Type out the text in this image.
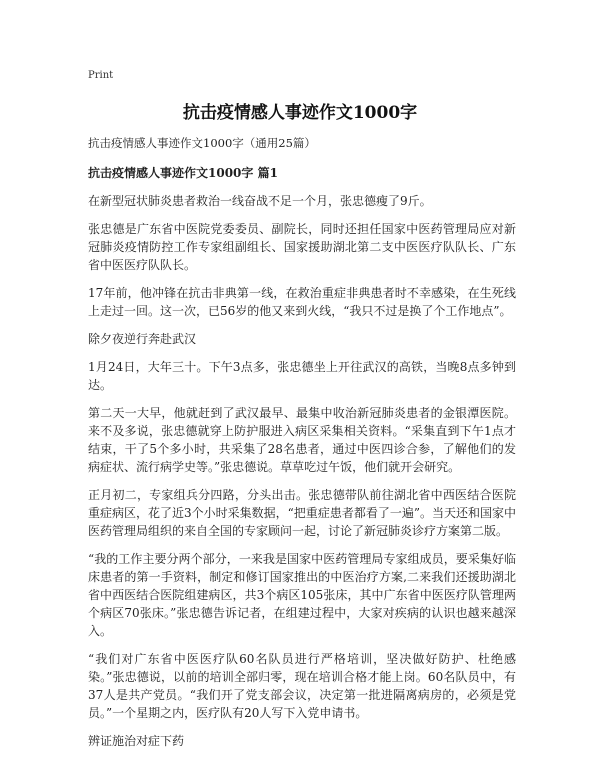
Print
抗击疫情感人事迹作文1000字

抗击疫情感人事迹作文1000字（通用25篇）

抗击疫情感人事迹作文1000字 篇1

在新型冠状肺炎患者救治一线奋战不足一个月，张忠德瘦了9斤。

张忠德是广东省中医院党委委员、副院长，同时还担任国家中医药管理局应对新冠肺炎疫情防控工作专家组副组长、国家援助湖北第二支中医医疗队队长、广东省中医医疗队队长。

17年前，他冲锋在抗击非典第一线，在救治重症非典患者时不幸感染，在生死线上走过一回。这一次，已56岁的他又来到火线，“我只不过是换了个工作地点”。

除夕夜逆行奔赴武汉

1月24日，大年三十。下午3点多，张忠德坐上开往武汉的高铁，当晚8点多钟到达。

第二天一大早，他就赶到了武汉最早、最集中收治新冠肺炎患者的金银潭医院。来不及多说，张忠德就穿上防护服进入病区采集相关资料。“采集直到下午1点才结束，干了5个多小时，共采集了28名患者，通过中医四诊合参，了解他们的发病症状、流行病学史等。”张忠德说。草草吃过午饭，他们就开会研究。

正月初二，专家组兵分四路，分头出击。张忠德带队前往湖北省中西医结合医院重症病区，花了近3个小时采集数据，“把重症患者都看了一遍”。当天还和国家中医药管理局组织的来自全国的专家顾问一起，讨论了新冠肺炎诊疗方案第二版。

“我的工作主要分两个部分，一来我是国家中医药管理局专家组成员，要采集好临床患者的第一手资料，制定和修订国家推出的中医治疗方案,二来我们还援助湖北省中西医结合医院组建病区，共3个病区105张床，其中广东省中医医疗队管理两个病区70张床。”张忠德告诉记者，在组建过程中，大家对疾病的认识也越来越深入。

“我们对广东省中医医疗队60名队员进行严格培训，坚决做好防护、杜绝感染。”张忠德说，以前的培训全部归零，现在培训合格才能上岗。60名队员中，有37人是共产党员。“我们开了党支部会议，决定第一批进隔离病房的，必须是党员。”一个星期之内，医疗队有20人写下入党申请书。

辨证施治对症下药
